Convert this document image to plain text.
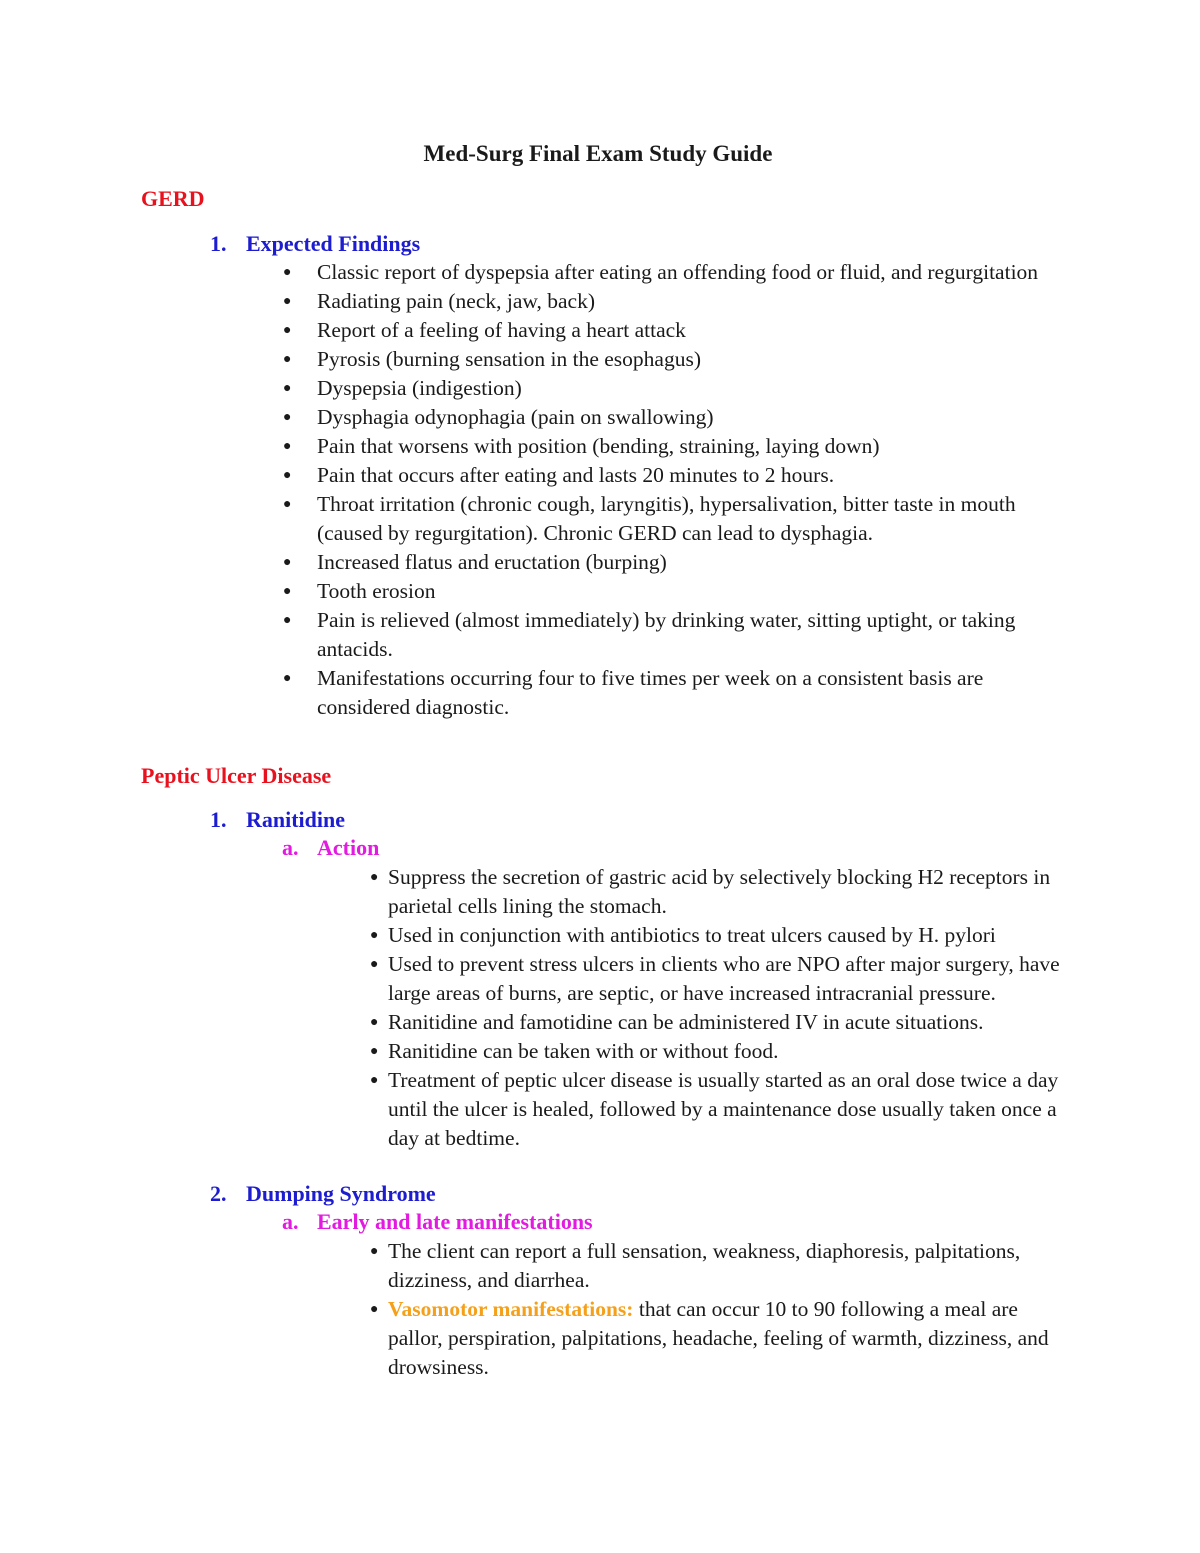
Med-Surg Final Exam Study Guide
GERD
1. Expected Findings
● Classic report of dyspepsia after eating an offending food or fluid, and regurgitation
● Radiating pain (neck, jaw, back)
● Report of a feeling of having a heart attack
● Pyrosis (burning sensation in the esophagus)
● Dyspepsia (indigestion)
● Dysphagia odynophagia (pain on swallowing)
● Pain that worsens with position (bending, straining, laying down)
● Pain that occurs after eating and lasts 20 minutes to 2 hours.
● Throat irritation (chronic cough, laryngitis), hypersalivation, bitter taste in mouth (caused by regurgitation). Chronic GERD can lead to dysphagia.
● Increased flatus and eructation (burping)
● Tooth erosion
● Pain is relieved (almost immediately) by drinking water, sitting uptight, or taking antacids.
● Manifestations occurring four to five times per week on a consistent basis are considered diagnostic.
Peptic Ulcer Disease
1. Ranitidine
a. Action
● Suppress the secretion of gastric acid by selectively blocking H2 receptors in parietal cells lining the stomach.
● Used in conjunction with antibiotics to treat ulcers caused by H. pylori
● Used to prevent stress ulcers in clients who are NPO after major surgery, have large areas of burns, are septic, or have increased intracranial pressure.
● Ranitidine and famotidine can be administered IV in acute situations.
● Ranitidine can be taken with or without food.
● Treatment of peptic ulcer disease is usually started as an oral dose twice a day until the ulcer is healed, followed by a maintenance dose usually taken once a day at bedtime.
2. Dumping Syndrome
a. Early and late manifestations
● The client can report a full sensation, weakness, diaphoresis, palpitations, dizziness, and diarrhea.
● Vasomotor manifestations: that can occur 10 to 90 following a meal are pallor, perspiration, palpitations, headache, feeling of warmth, dizziness, and drowsiness.
